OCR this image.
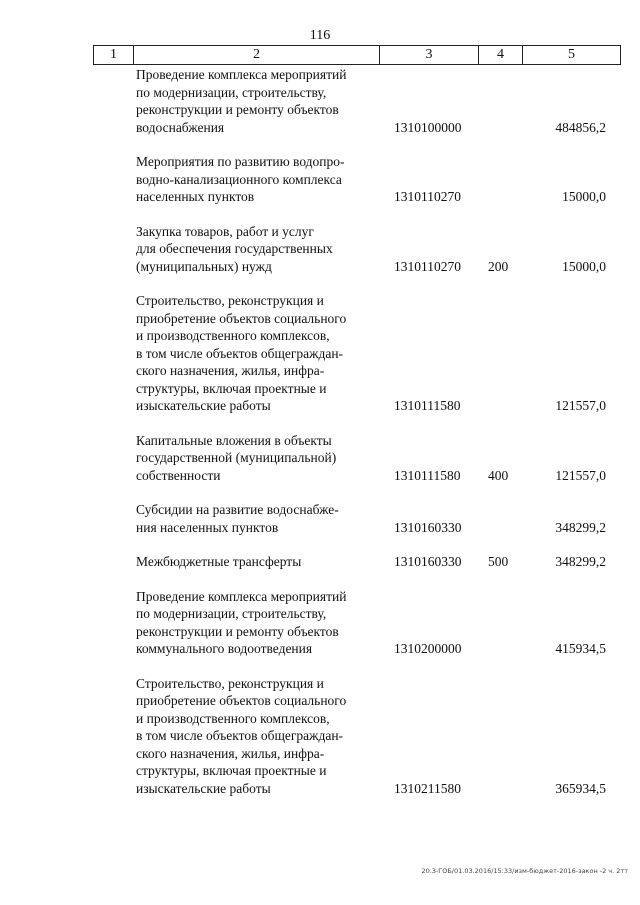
116
1	2	3	4	5
Проведение комплекса мероприятий
по модернизации, строительству,
реконструкции и ремонту объектов
водоснабжения	1310100000	484856,2
Мероприятия по развитию водопро-
водно-канализационного комплекса
населенных пунктов	1310110270	15000,0
Закупка товаров, работ и услуг
для обеспечения государственных
(муниципальных) нужд	1310110270 200	15000,0
Строительство, реконструкция и
приобретение объектов социального
и производственного комплексов,
в том числе объектов общеграждан-
ского назначения, жилья, инфра-
структуры, включая проектные и
изыскательские работы	1310111580	121557,0
Капитальные вложения в объекты
государственной (муниципальной)
собственности	1310111580 400	121557,0
Субсидии на развитие водоснабже-
ния населенных пунктов	1310160330	348299,2
Межбюджетные трансферты	1310160330 500	348299,2
Проведение комплекса мероприятий
по модернизации, строительству,
реконструкции и ремонту объектов
коммунального водоотведения	1310200000	415934,5
Строительство, реконструкция и
приобретение объектов социального
и производственного комплексов,
в том числе объектов общеграждан-
ского назначения, жилья, инфра-
структуры, включая проектные и
изыскательские работы	1310211580	365934,5
20.3-ГОБ/01.03.2016/15:33/изм-бюджет-2016-закон -2 ч. 2тт
